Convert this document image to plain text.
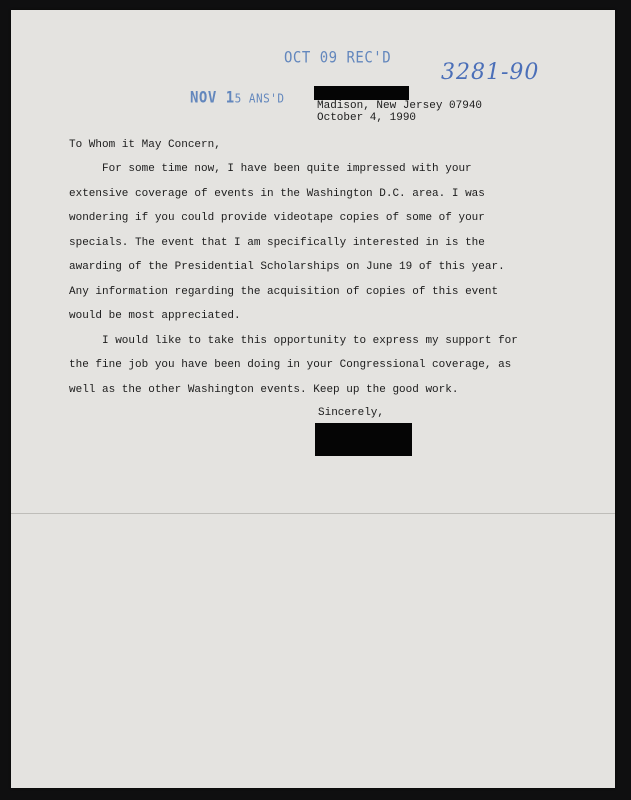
OCT 09 REC'D
NOV 15 ANS'D
3281-90
Madison, New Jersey 07940
October 4, 1990
To Whom it May Concern,
For some time now, I have been quite impressed with your
extensive coverage of events in the Washington D.C. area. I was
wondering if you could provide videotape copies of some of your
specials. The event that I am specifically interested in is the
awarding of the Presidential Scholarships on June 19 of this year.
Any information regarding the acquisition of copies of this event
would be most appreciated.
I would like to take this opportunity to express my support for
the fine job you have been doing in your Congressional coverage, as
well as the other Washington events. Keep up the good work.
Sincerely,
